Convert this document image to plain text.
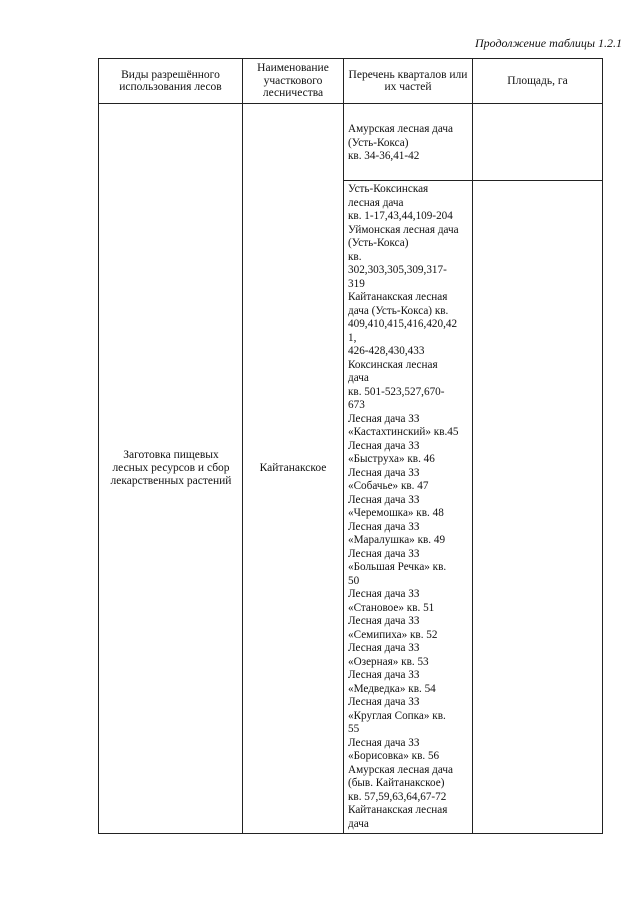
Продолжение таблицы 1.2.1
Виды разрешённого использования лесов
Наименование участкового лесничества
Перечень кварталов или их частей
Площадь, га
Заготовка пищевых лесных ресурсов и сбор лекарственных растений
Кайтанакское
Амурская лесная дача
(Усть-Кокса)
кв. 34-36,41-42
Усть-Коксинская
лесная дача
кв. 1-17,43,44,109-204
Уймонская лесная дача
(Усть-Кокса)
кв.
302,303,305,309,317-
319
Кайтанакская лесная
дача (Усть-Кокса) кв.
409,410,415,416,420,42
1,
426-428,430,433
Коксинская лесная
дача
кв. 501-523,527,670-
673
Лесная дача ЗЗ
«Кастахтинский» кв.45
Лесная дача ЗЗ
«Быструха» кв. 46
Лесная дача ЗЗ
«Собачье» кв. 47
Лесная дача ЗЗ
«Черемошка» кв. 48
Лесная дача ЗЗ
«Маралушка» кв. 49
Лесная дача ЗЗ
«Большая Речка» кв.
50
Лесная дача ЗЗ
«Становое» кв. 51
Лесная дача ЗЗ
«Семипиха» кв. 52
Лесная дача ЗЗ
«Озерная» кв. 53
Лесная дача ЗЗ
«Медведка» кв. 54
Лесная дача ЗЗ
«Круглая Сопка» кв.
55
Лесная дача ЗЗ
«Борисовка» кв. 56
Амурская лесная дача
(быв. Кайтанакское)
кв. 57,59,63,64,67-72
Кайтанакская лесная
дача
